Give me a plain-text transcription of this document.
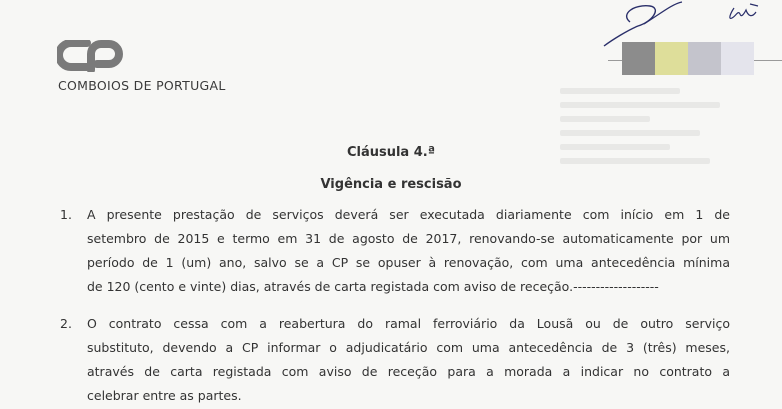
COMBOIOS DE PORTUGAL
Cláusula 4.ª
Vigência e rescisão
1.	A presente prestação de serviços deverá ser executada diariamente com início em 1 de
setembro de 2015 e termo em 31 de agosto de 2017, renovando-se automaticamente por um
período de 1 (um) ano, salvo se a CP se opuser à renovação, com uma antecedência mínima
de 120 (cento e vinte) dias, através de carta registada com aviso de receção.-------------------
2.	O contrato cessa com a reabertura do ramal ferroviário da Lousã ou de outro serviço
substituto, devendo a CP informar o adjudicatário com uma antecedência de 3 (três) meses,
através de carta registada com aviso de receção para a morada a indicar no contrato a
celebrar entre as partes.
